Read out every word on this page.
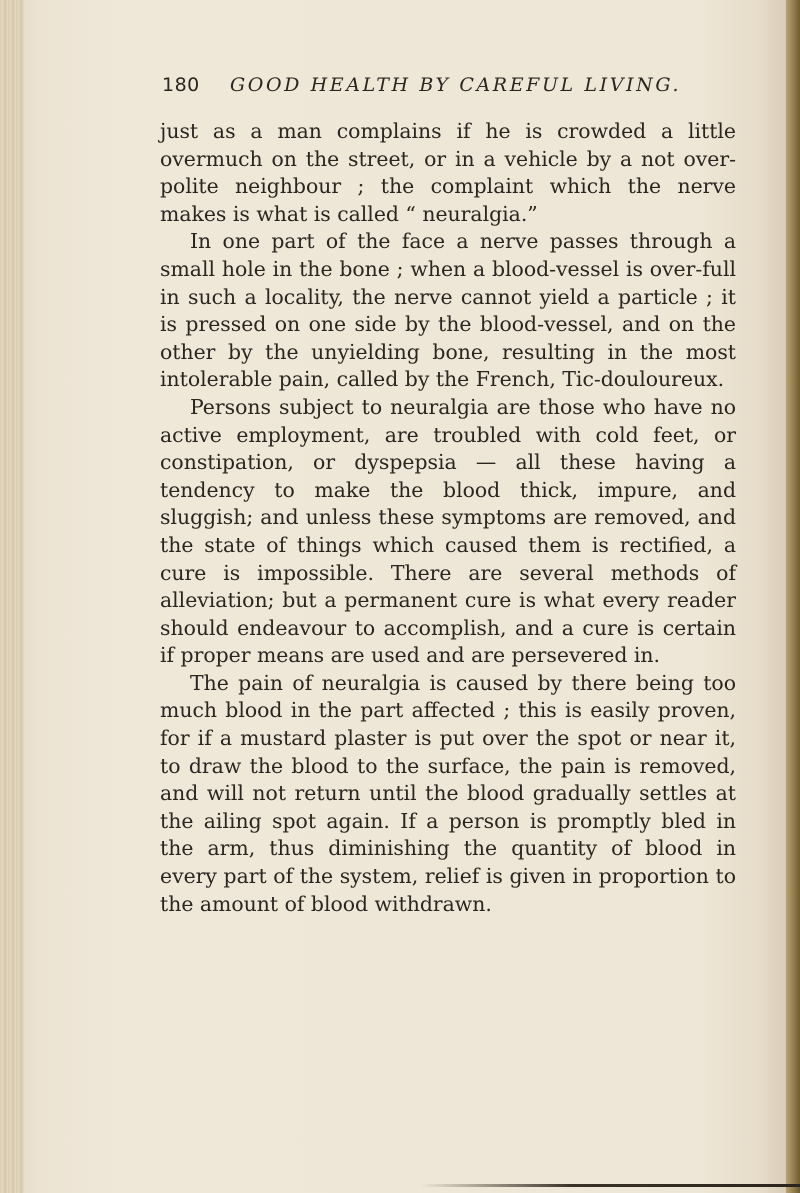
180 GOOD HEALTH BY CAREFUL LIVING.

just as a man complains if he is crowded a little overmuch on the street, or in a vehicle by a not over-polite neighbour ; the complaint which the nerve makes is what is called “ neuralgia.”

In one part of the face a nerve passes through a small hole in the bone ; when a blood-vessel is over-full in such a locality, the nerve cannot yield a particle ; it is pressed on one side by the blood-vessel, and on the other by the unyielding bone, resulting in the most intolerable pain, called by the French, Tic-douloureux.

Persons subject to neuralgia are those who have no active employment, are troubled with cold feet, or constipation, or dyspepsia — all these having a tendency to make the blood thick, impure, and sluggish; and unless these symptoms are removed, and the state of things which caused them is rectified, a cure is impossible. There are several methods of alleviation; but a permanent cure is what every reader should endeavour to accomplish, and a cure is certain if proper means are used and are persevered in.

The pain of neuralgia is caused by there being too much blood in the part affected ; this is easily proven, for if a mustard plaster is put over the spot or near it, to draw the blood to the surface, the pain is removed, and will not return until the blood gradually settles at the ailing spot again. If a person is promptly bled in the arm, thus diminishing the quantity of blood in every part of the system, relief is given in proportion to the amount of blood withdrawn.
